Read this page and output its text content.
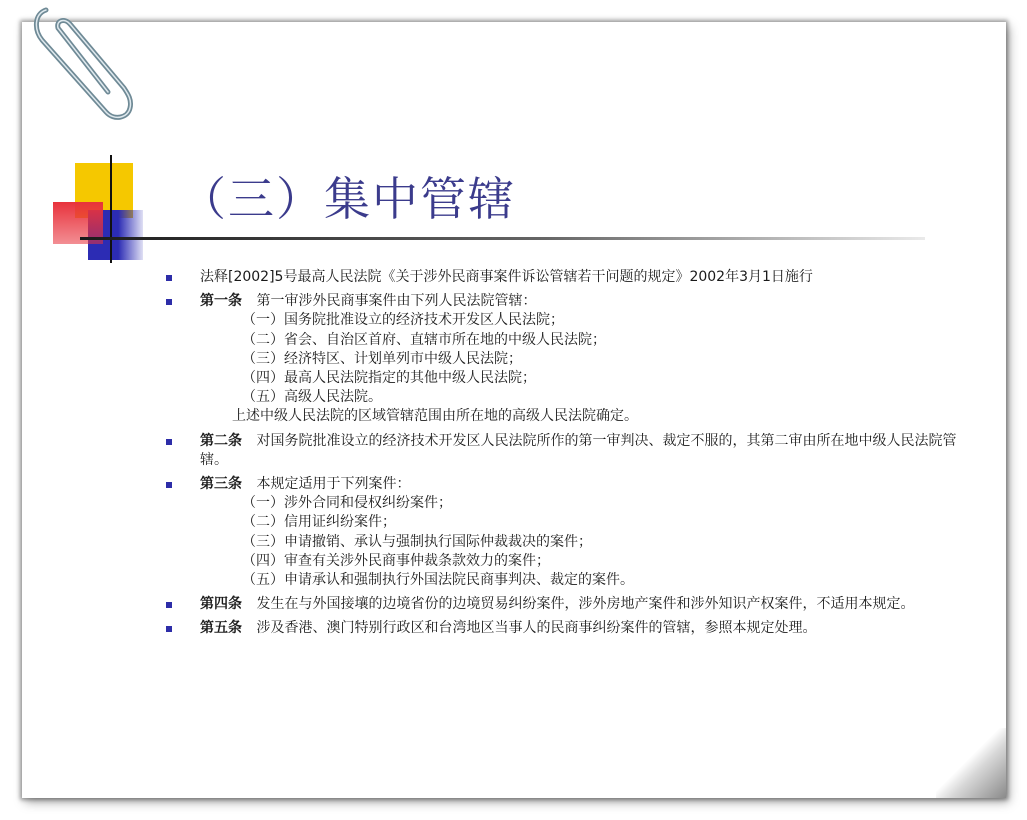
（三）集中管辖
法释[2002]5号最高人民法院《关于涉外民商事案件诉讼管辖若干问题的规定》2002年3月1日施行
第一条 第一审涉外民商事案件由下列人民法院管辖：
（一）国务院批准设立的经济技术开发区人民法院；
（二）省会、自治区首府、直辖市所在地的中级人民法院；
（三）经济特区、计划单列市中级人民法院；
（四）最高人民法院指定的其他中级人民法院；
（五）高级人民法院。
上述中级人民法院的区域管辖范围由所在地的高级人民法院确定。
第二条 对国务院批准设立的经济技术开发区人民法院所作的第一审判决、裁定不服的，其第二审由所在地中级人民法院管辖。
第三条 本规定适用于下列案件：
（一）涉外合同和侵权纠纷案件；
（二）信用证纠纷案件；
（三）申请撤销、承认与强制执行国际仲裁裁决的案件；
（四）审查有关涉外民商事仲裁条款效力的案件；
（五）申请承认和强制执行外国法院民商事判决、裁定的案件。
第四条 发生在与外国接壤的边境省份的边境贸易纠纷案件，涉外房地产案件和涉外知识产权案件，不适用本规定。
第五条 涉及香港、澳门特别行政区和台湾地区当事人的民商事纠纷案件的管辖，参照本规定处理。
